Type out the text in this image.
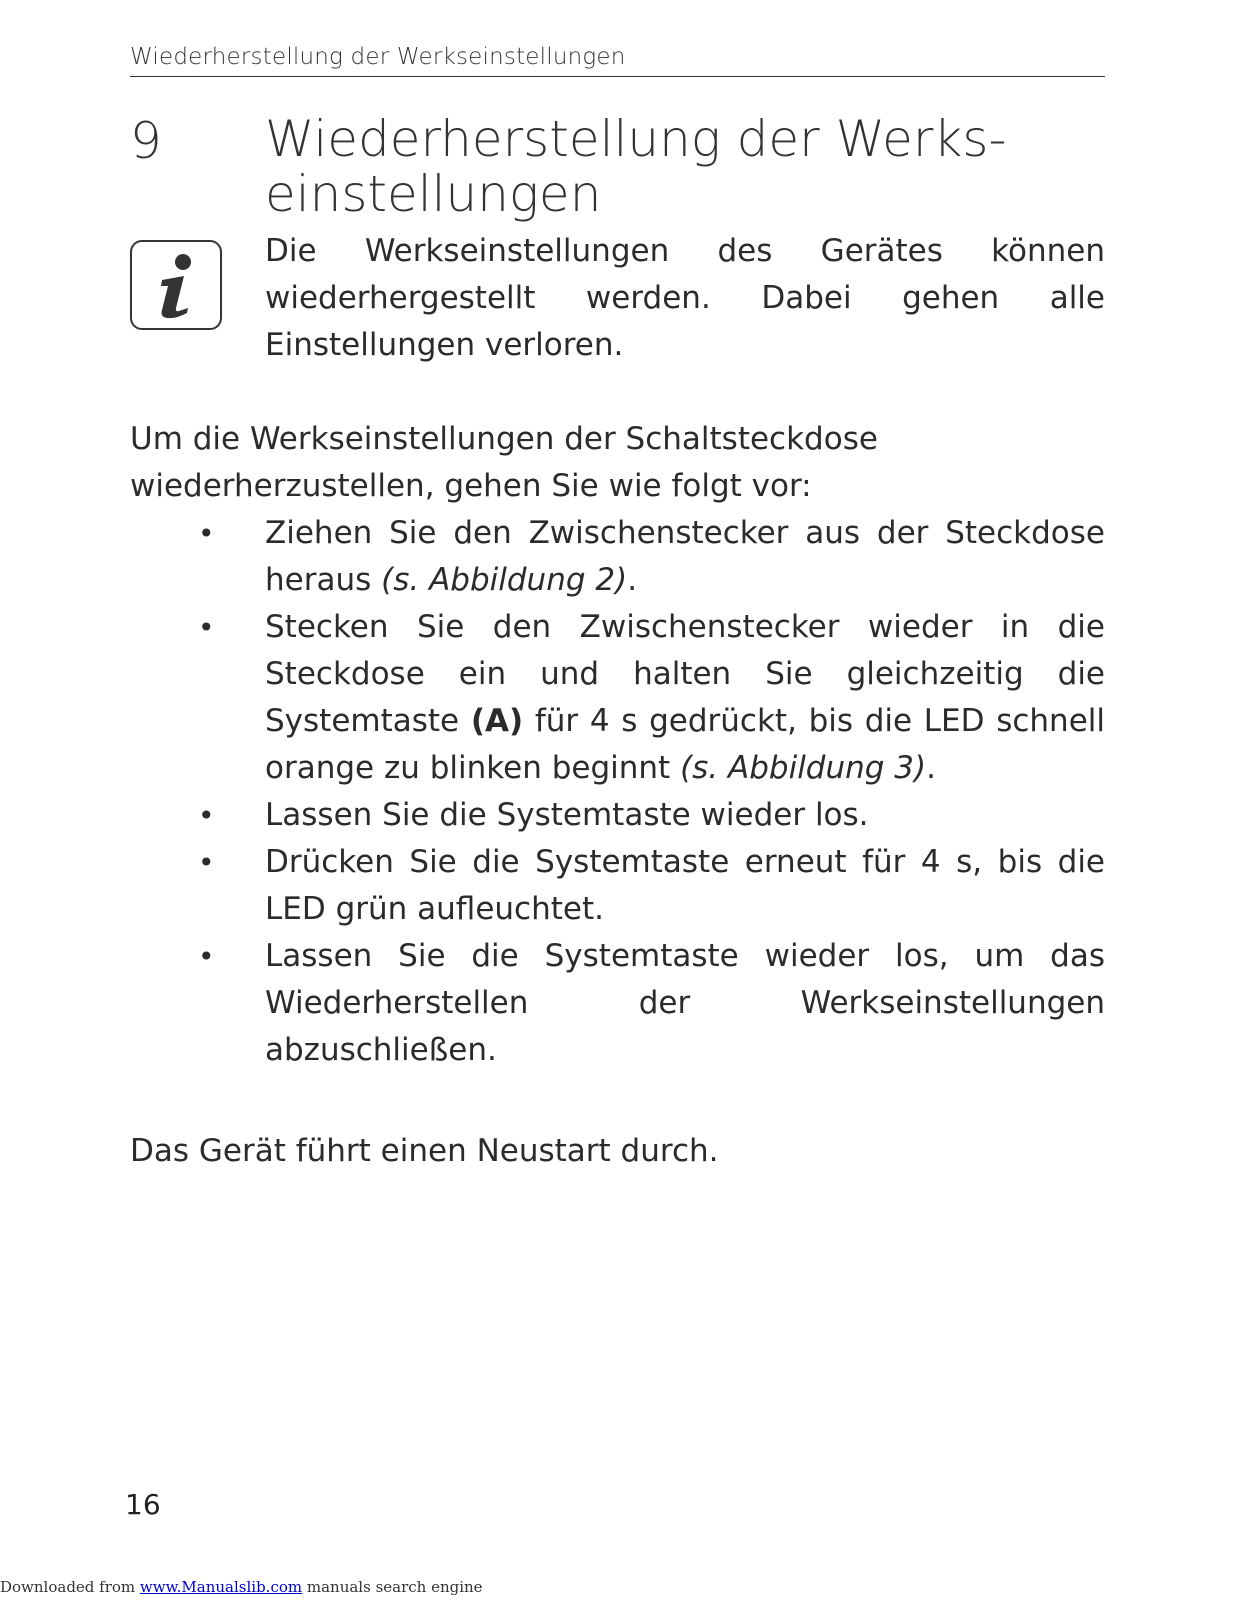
Wiederherstellung der Werkseinstellungen
9 Wiederherstellung der Werks-
einstellungen
Die Werkseinstellungen des Gerätes können wiederhergestellt werden. Dabei gehen alle Einstellungen verloren.
Um die Werkseinstellungen der Schaltsteckdose wiederherzustellen, gehen Sie wie folgt vor:
• Ziehen Sie den Zwischenstecker aus der Steckdose heraus (s. Abbildung 2).
• Stecken Sie den Zwischenstecker wieder in die Steckdose ein und halten Sie gleichzeitig die Systemtaste (A) für 4 s gedrückt, bis die LED schnell orange zu blinken beginnt (s. Abbildung 3).
• Lassen Sie die Systemtaste wieder los.
• Drücken Sie die Systemtaste erneut für 4 s, bis die LED grün aufleuchtet.
• Lassen Sie die Systemtaste wieder los, um das Wiederherstellen der Werkseinstellungen abzuschließen.
Das Gerät führt einen Neustart durch.
16
Downloaded from www.Manualslib.com manuals search engine
